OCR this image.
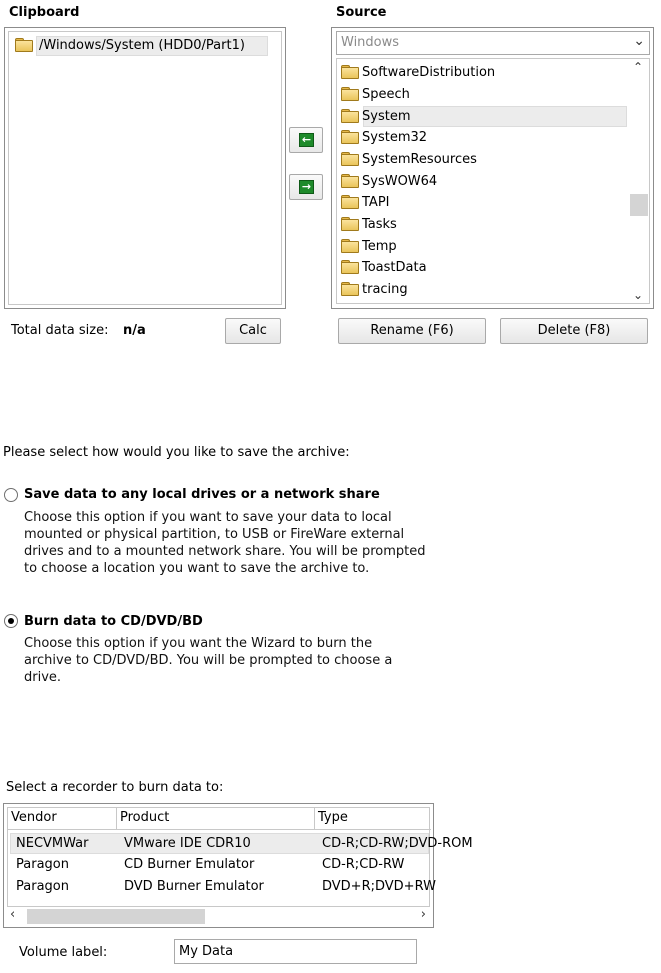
Clipboard
/Windows/System (HDD0/Part1)
←
→
Total data size: n/a	Calc
Source
Windows	⌄
SoftwareDistribution
Speech
System
System32
SystemResources
SysWOW64
TAPI
Tasks
Temp
ToastData
tracing
⌃
⌄
Rename (F6)	Delete (F8)
Please select how would you like to save the archive:
Save data to any local drives or a network share
Choose this option if you want to save your data to local
mounted or physical partition, to USB or FireWare external
drives and to a mounted network share. You will be prompted
to choose a location you want to save the archive to.
Burn data to CD/DVD/BD
Choose this option if you want the Wizard to burn the
archive to CD/DVD/BD. You will be prompted to choose a
drive.
Select a recorder to burn data to:
Vendor	Product	Type
NECVMWar	VMware IDE CDR10	CD-R;CD-RW;DVD-ROM
Paragon	CD Burner Emulator	CD-R;CD-RW
Paragon	DVD Burner Emulator	DVD+R;DVD+RW
‹	›
Volume label:
My Data
